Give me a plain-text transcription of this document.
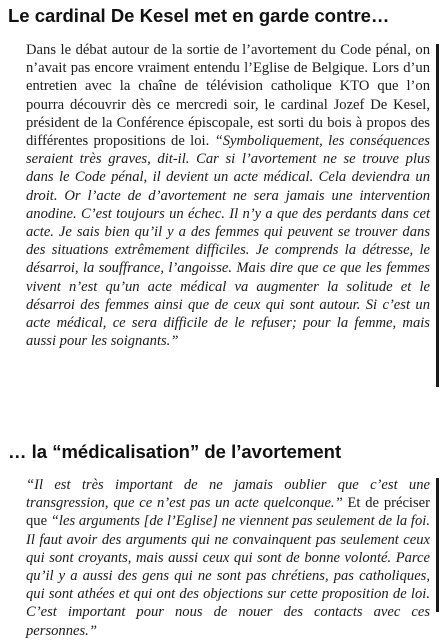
Le cardinal De Kesel met en garde contre…

Dans le débat autour de la sortie de l’avortement du Code pénal, on n’avait pas encore vraiment entendu l’Eglise de Belgique. Lors d’un entretien avec la chaîne de télévision catholique KTO que l’on pourra découvrir dès ce mercredi soir, le cardinal Jozef De Kesel, président de la Conférence épiscopale, est sorti du bois à propos des différentes propositions de loi. “Symboliquement, les conséquences seraient très graves, dit-il. Car si l’avortement ne se trouve plus dans le Code pénal, il devient un acte médical. Cela deviendra un droit. Or l’acte de d’avortement ne sera jamais une intervention anodine. C’est toujours un échec. Il n’y a que des perdants dans cet acte. Je sais bien qu’il y a des femmes qui peuvent se trouver dans des situations extrêmement difficiles. Je comprends la détresse, le désarroi, la souffrance, l’angoisse. Mais dire que ce que les femmes vivent n’est qu’un acte médical va augmenter la solitude et le désarroi des femmes ainsi que de ceux qui sont autour. Si c’est un acte médical, ce sera difficile de le refuser; pour la femme, mais aussi pour les soignants.”

… la “médicalisation” de l’avortement

“Il est très important de ne jamais oublier que c’est une transgression, que ce n’est pas un acte quelconque.” Et de préciser que “les arguments [de l’Eglise] ne viennent pas seulement de la foi. Il faut avoir des arguments qui ne convainquent pas seulement ceux qui sont croyants, mais aussi ceux qui sont de bonne volonté. Parce qu’il y a aussi des gens qui ne sont pas chrétiens, pas catholiques, qui sont athées et qui ont des objections sur cette proposition de loi. C’est important pour nous de nouer des contacts avec ces personnes.”
